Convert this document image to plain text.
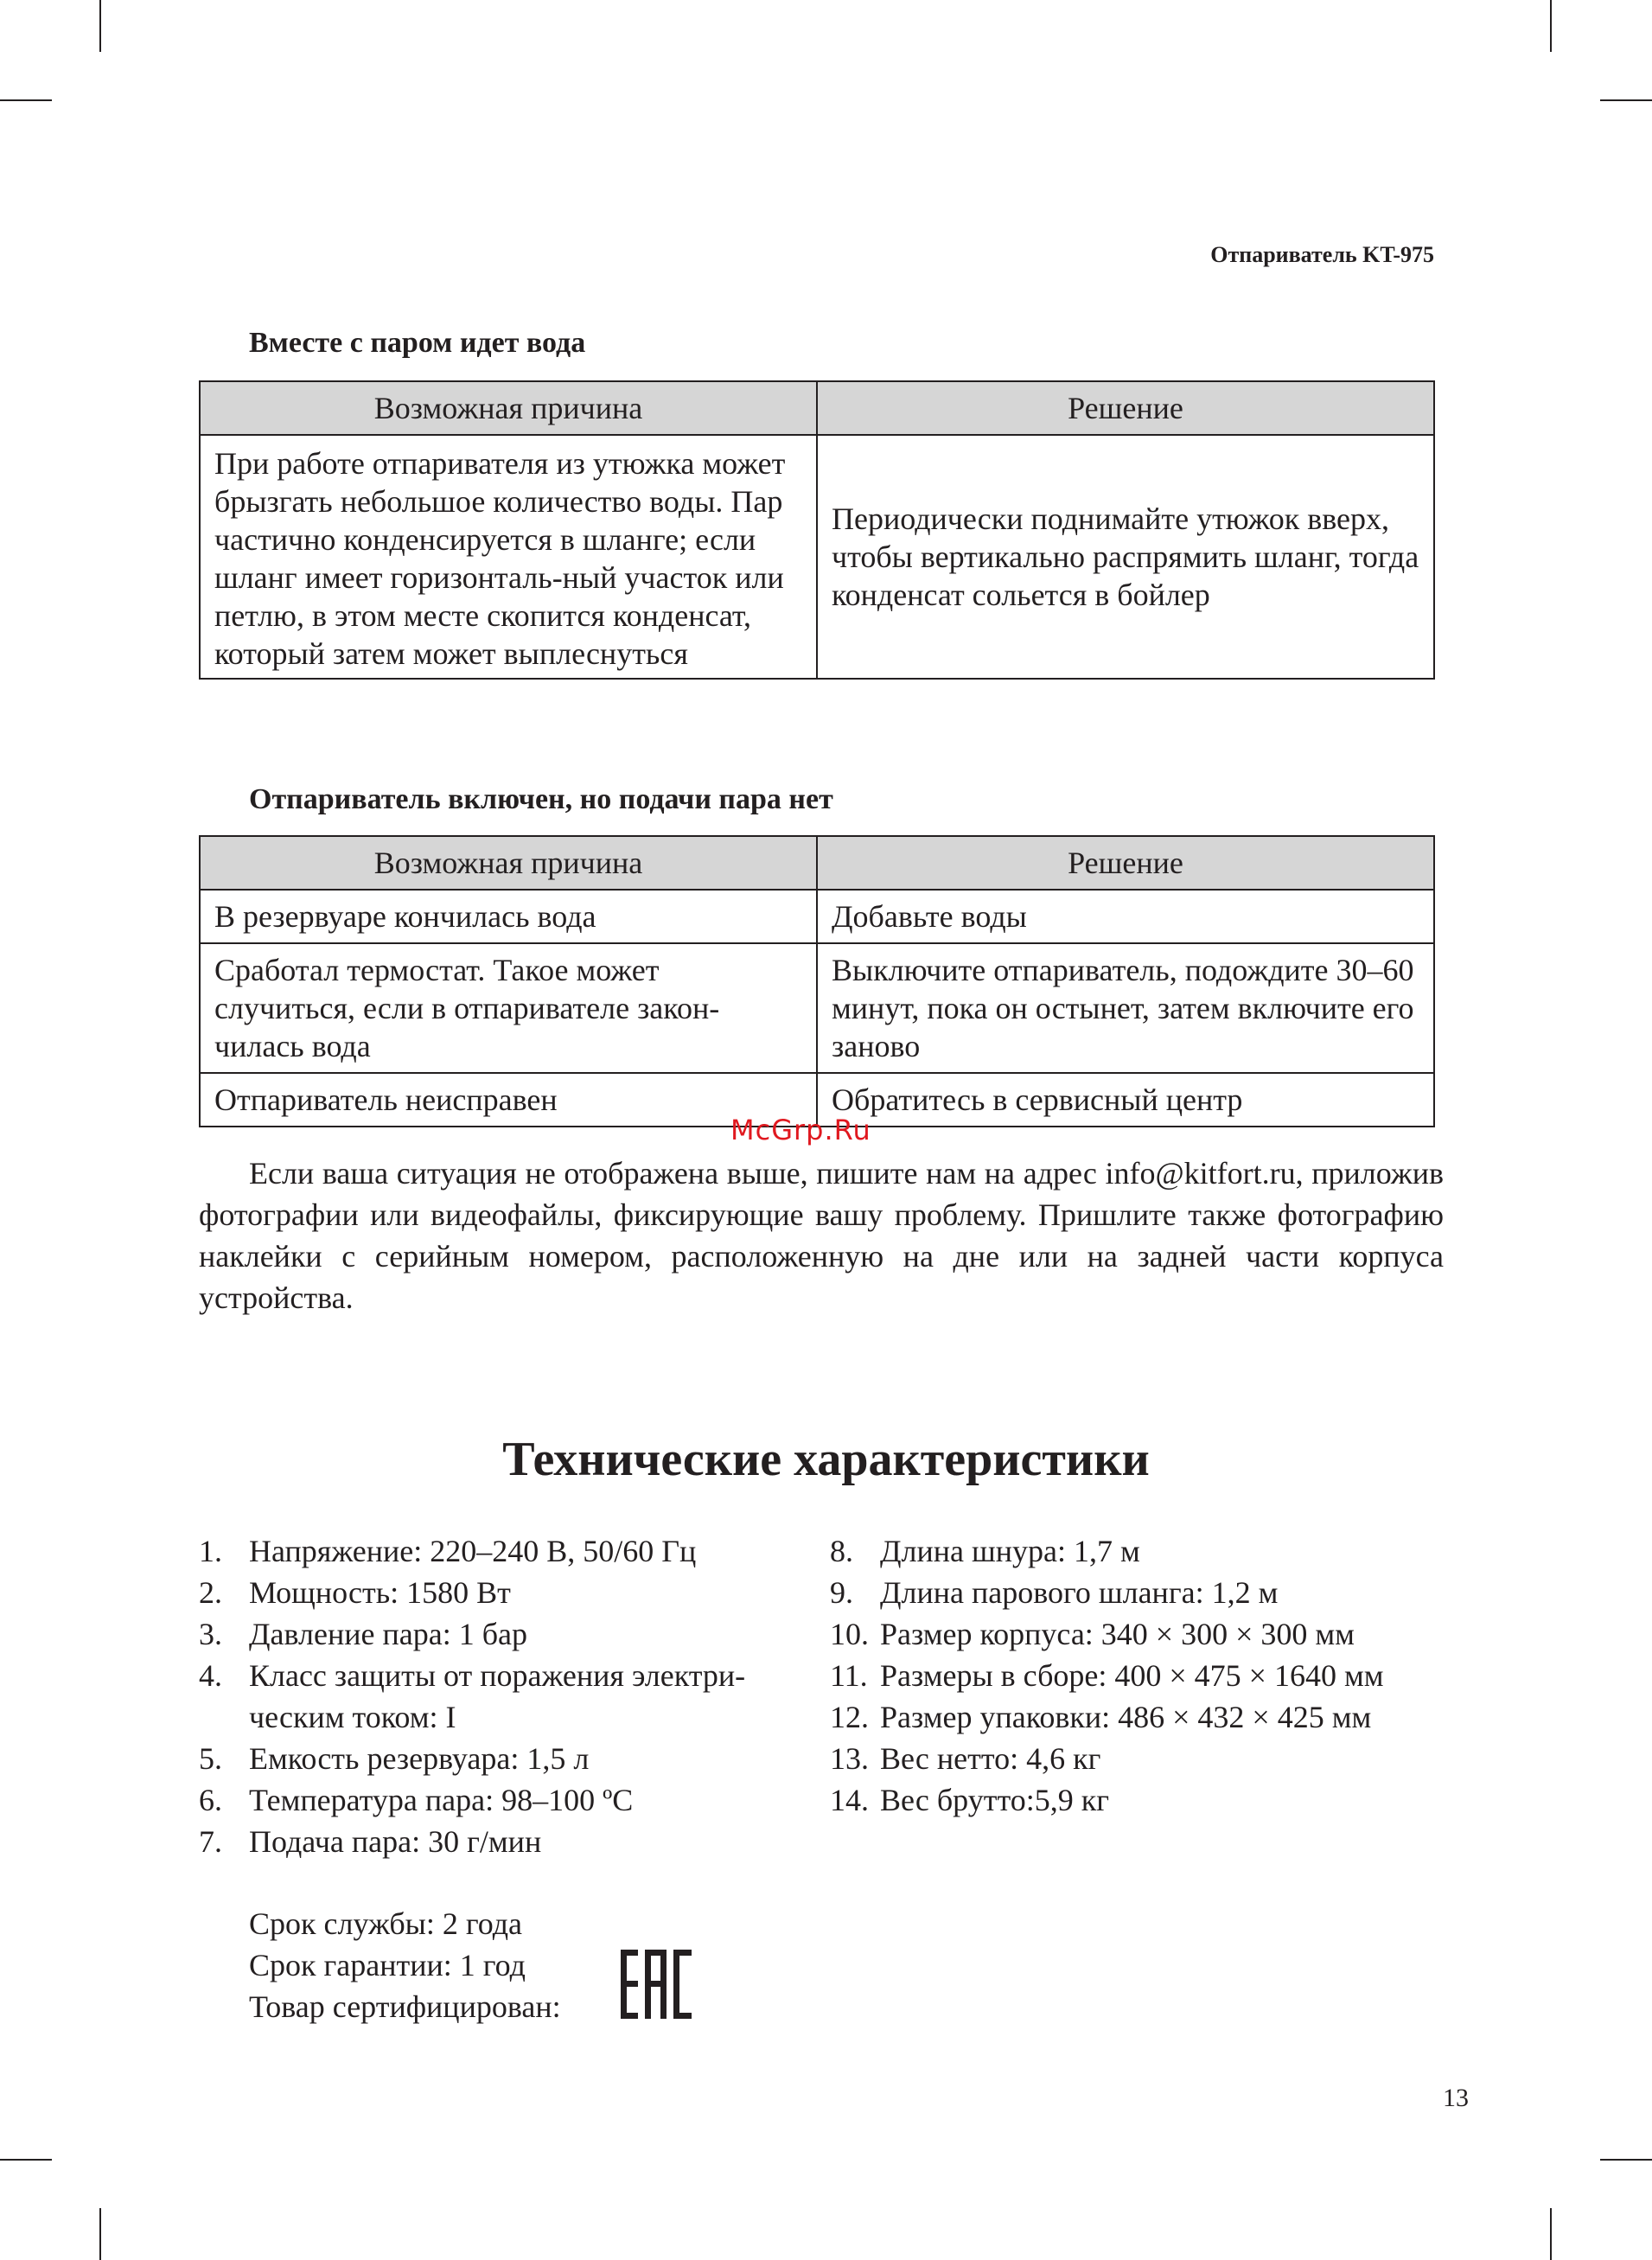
Отпариватель KT-975
Вместе с паром идет вода
Возможная причина	Решение
При работе отпаривателя из утюжка может брызгать небольшое количество воды. Пар частично конденсируется в шланге; если шланг имеет горизонталь-ный участок или петлю, в этом месте скопится конденсат, который затем может выплеснуться	Периодически поднимайте утюжок вверх, чтобы вертикально распрямить шланг, тогда конденсат сольется в бойлер
Отпариватель включен, но подачи пара нет
Возможная причина	Решение
В резервуаре кончилась вода	Добавьте воды
Сработал термостат. Такое может случиться, если в отпаривателе закон-чилась вода	Выключите отпариватель, подождите 30–60 минут, пока он остынет, затем включите его заново
Отпариватель неисправен	Обратитесь в сервисный центр
McGrp.Ru
Если ваша ситуация не отображена выше, пишите нам на адрес info@kitfort.ru, приложив фотографии или видеофайлы, фиксирующие вашу проблему. Пришлите также фотографию наклейки с серийным номером, расположенную на дне или на задней части корпуса устройства.
Технические характеристики
1. Напряжение: 220–240 В, 50/60 Гц
2. Мощность: 1580 Вт
3. Давление пара: 1 бар
4. Класс защиты от поражения электри-ческим током: I
5. Емкость резервуара: 1,5 л
6. Температура пара: 98–100 ºС
7. Подача пара: 30 г/мин
8. Длина шнура: 1,7 м
9. Длина парового шланга: 1,2 м
10. Размер корпуса: 340 × 300 × 300 мм
11. Размеры в сборе: 400 × 475 × 1640 мм
12. Размер упаковки: 486 × 432 × 425 мм
13. Вес нетто: 4,6 кг
14. Вес брутто:5,9 кг
Срок службы: 2 года
Срок гарантии: 1 год
Товар сертифицирован:
13
